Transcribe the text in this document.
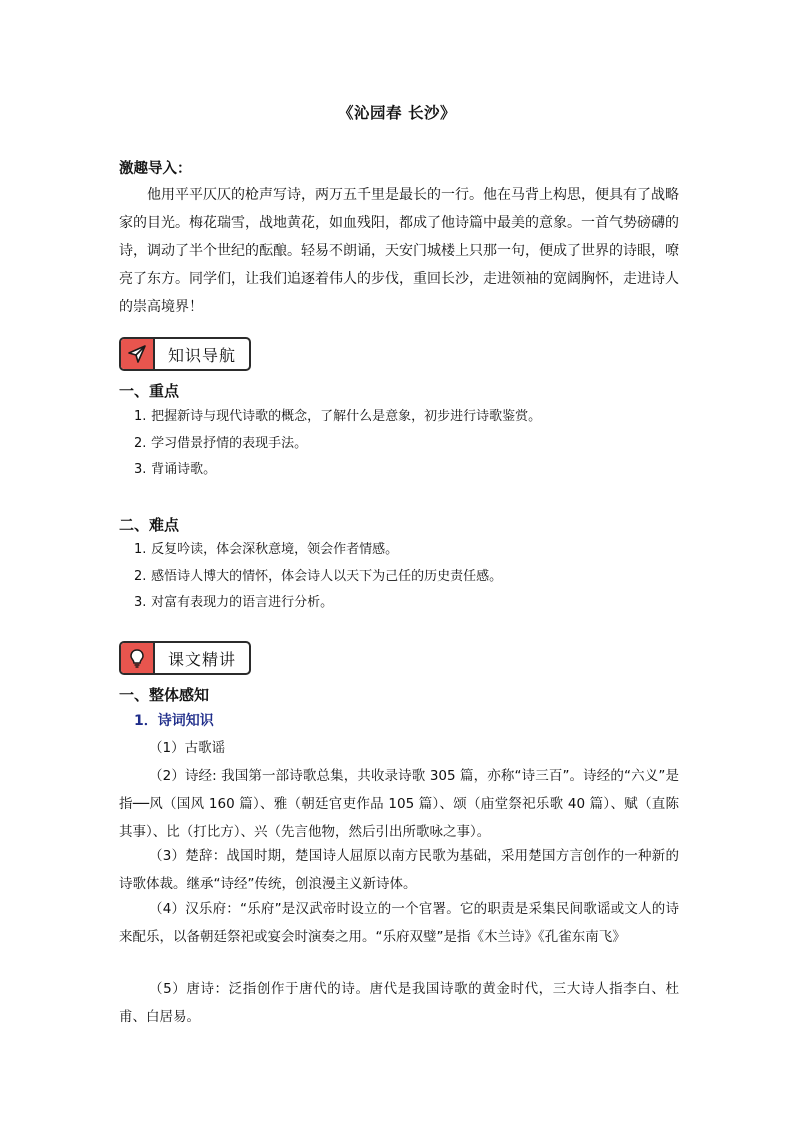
《沁园春 长沙》
激趣导入：
他用平平仄仄的枪声写诗，两万五千里是最长的一行。他在马背上构思，便具有了战略家的目光。梅花瑞雪，战地黄花，如血残阳，都成了他诗篇中最美的意象。一首气势磅礴的诗，调动了半个世纪的酝酿。轻易不朗诵，天安门城楼上只那一句，便成了世界的诗眼，嘹亮了东方。同学们，让我们追逐着伟人的步伐，重回长沙，走进领袖的宽阔胸怀，走进诗人的崇高境界！
知识导航
一、重点
1. 把握新诗与现代诗歌的概念，了解什么是意象，初步进行诗歌鉴赏。
2. 学习借景抒情的表现手法。
3. 背诵诗歌。
二、难点
1. 反复吟读，体会深秋意境，领会作者情感。
2. 感悟诗人博大的情怀，体会诗人以天下为己任的历史责任感。
3. 对富有表现力的语言进行分析。
课文精讲
一、整体感知
1．诗词知识

（1）古歌谣

（2）诗经: 我国第一部诗歌总集，共收录诗歌 305 篇，亦称“诗三百”。诗经的“六义”是指──风（国风 160 篇）、雅（朝廷官吏作品 105 篇）、颂（庙堂祭祀乐歌 40 篇）、赋（直陈其事）、比（打比方）、兴（先言他物，然后引出所歌咏之事）。

（3）楚辞：战国时期，楚国诗人屈原以南方民歌为基础，采用楚国方言创作的一种新的诗歌体裁。继承“诗经”传统，创浪漫主义新诗体。

（4）汉乐府：“乐府”是汉武帝时设立的一个官署。它的职责是采集民间歌谣或文人的诗来配乐，以备朝廷祭祀或宴会时演奏之用。“乐府双璧”是指《木兰诗》《孔雀东南飞》

（5）唐诗：泛指创作于唐代的诗。唐代是我国诗歌的黄金时代，三大诗人指李白、杜甫、白居易。
